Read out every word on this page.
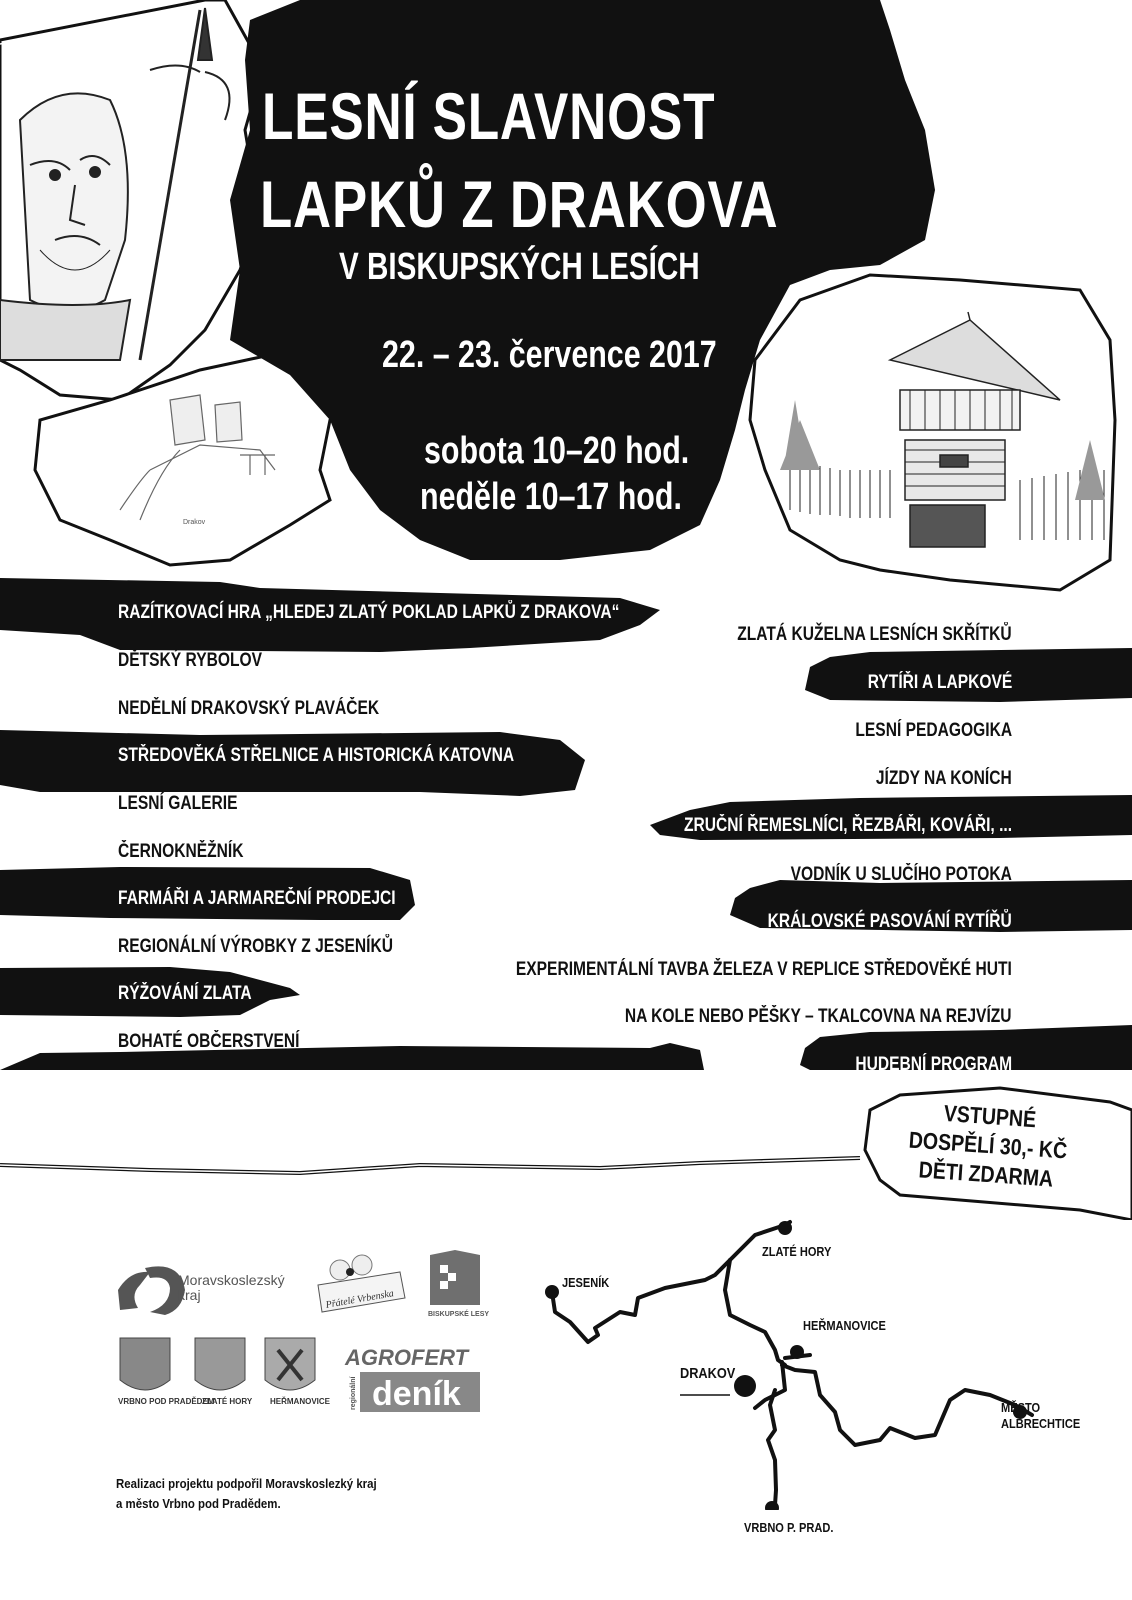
Drakov
LESNÍ SLAVNOST
LAPKŮ Z DRAKOVA
V BISKUPSKÝCH LESÍCH
22. – 23. července 2017
sobota 10–20 hod.
neděle 10–17 hod.
RAZÍTKOVACÍ HRA „HLEDEJ ZLATÝ POKLAD LAPKŮ Z DRAKOVA“
DĚTSKÝ RYBOLOV
NEDĚLNÍ DRAKOVSKÝ PLAVÁČEK
STŘEDOVĚKÁ STŘELNICE A HISTORICKÁ KATOVNA
LESNÍ GALERIE
ČERNOKNĚŽNÍK
FARMÁŘI A JARMAREČNÍ PRODEJCI
REGIONÁLNÍ VÝROBKY Z JESENÍKŮ
RÝŽOVÁNÍ ZLATA
BOHATÉ OBČERSTVENÍ
K VANDROVÁNÍ SI VYZVEDNĚTE „VANDROVNÍ PAS LAPKŮ Z DRAKOVA“
A SBÍREJTE KARTIČKY HORSKÝCH SKŘÍTKŮ.
ZLATÁ KUŽELNA LESNÍCH SKŘÍTKŮ
RYTÍŘI A LAPKOVÉ
LESNÍ PEDAGOGIKA
JÍZDY NA KONÍCH
ZRUČNÍ ŘEMESLNÍCI, ŘEZBÁŘI, KOVÁŘI, ...
VODNÍK U SLUČÍHO POTOKA
KRÁLOVSKÉ PASOVÁNÍ RYTÍŘŮ
EXPERIMENTÁLNÍ TAVBA ŽELEZA V REPLICE STŘEDOVĚKÉ HUTI
NA KOLE NEBO PĚŠKY – TKALCOVNA NA REJVÍZU
HUDEBNÍ PROGRAM
VSTUPNÉ
DOSPĚLÍ 30,- KČ
DĚTI ZDARMA
Moravskoslezský
kraj	Přátelé Vrbenska
BISKUPSKÉ LESY
AGROFERT
deník
regionální
VRBNO POD PRADĚDEM
ZLATÉ HORY HEŘMANOVICE
Realizaci projektu podpořil Moravskoslezký kraj
a město Vrbno pod Pradědem.
ZLATÉ HORY
JESENÍK
HEŘMANOVICE
DRAKOV
MĚSTO
ALBRECHTICE
VRBNO P. PRAD.
